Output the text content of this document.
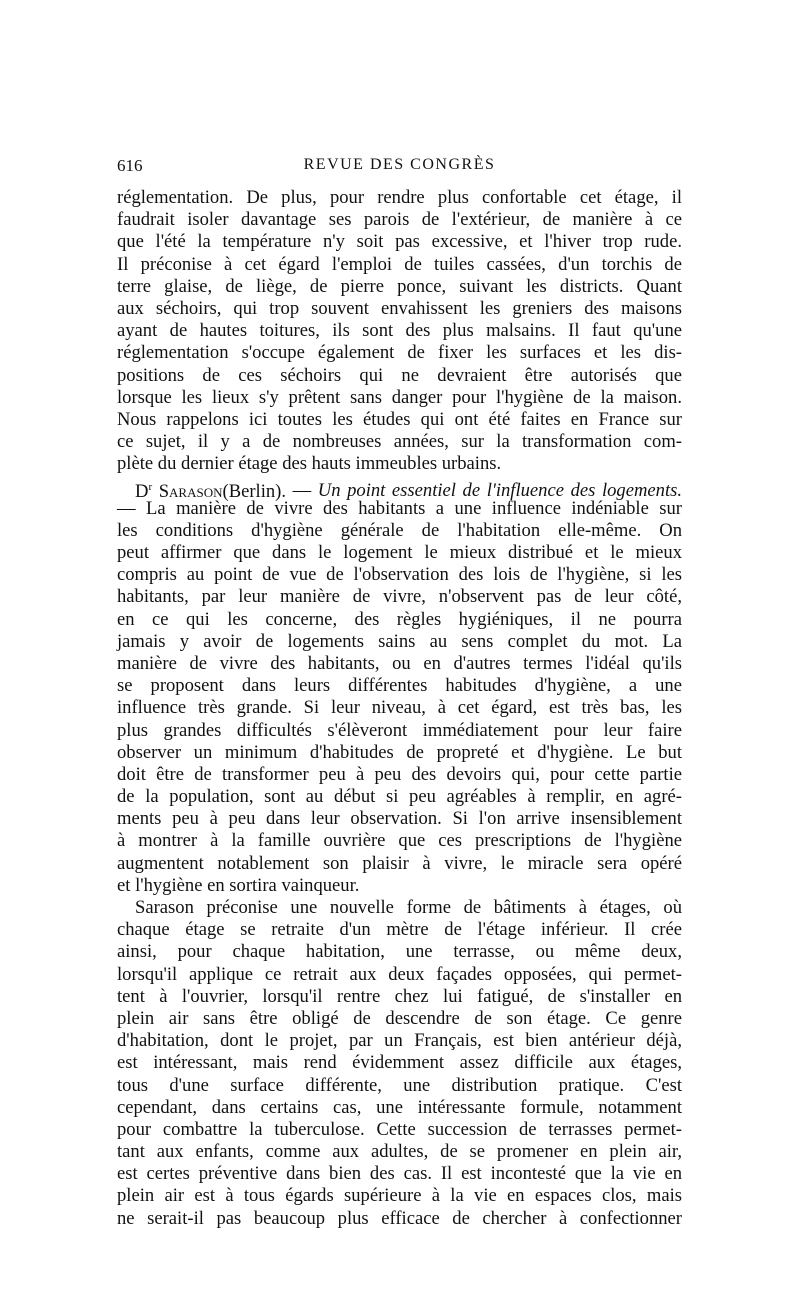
616	REVUE DES CONGRÈS
réglementation. De plus, pour rendre plus confortable cet étage, il
faudrait isoler davantage ses parois de l'extérieur, de manière à ce
que l'été la température n'y soit pas excessive, et l'hiver trop rude.
Il préconise à cet égard l'emploi de tuiles cassées, d'un torchis de
terre glaise, de liège, de pierre ponce, suivant les districts. Quant
aux séchoirs, qui trop souvent envahissent les greniers des maisons
ayant de hautes toitures, ils sont des plus malsains. Il faut qu'une
réglementation s'occupe également de fixer les surfaces et les dis-
positions de ces séchoirs qui ne devraient être autorisés que
lorsque les lieux s'y prêtent sans danger pour l'hygiène de la maison.
Nous rappelons ici toutes les études qui ont été faites en France sur
ce sujet, il y a de nombreuses années, sur la transformation com-
plète du dernier étage des hauts immeubles urbains.
$D^r$ Sarason(Berlin). — Un point essentiel de l'influence des logements.
— La manière de vivre des habitants a une influence indéniable sur
les conditions d'hygiène générale de l'habitation elle-même. On
peut affirmer que dans le logement le mieux distribué et le mieux
compris au point de vue de l'observation des lois de l'hygiène, si les
habitants, par leur manière de vivre, n'observent pas de leur côté,
en ce qui les concerne, des règles hygiéniques, il ne pourra
jamais y avoir de logements sains au sens complet du mot. La
manière de vivre des habitants, ou en d'autres termes l'idéal qu'ils
se proposent dans leurs différentes habitudes d'hygiène, a une
influence très grande. Si leur niveau, à cet égard, est très bas, les
plus grandes difficultés s'élèveront immédiatement pour leur faire
observer un minimum d'habitudes de propreté et d'hygiène. Le but
doit être de transformer peu à peu des devoirs qui, pour cette partie
de la population, sont au début si peu agréables à remplir, en agré-
ments peu à peu dans leur observation. Si l'on arrive insensiblement
à montrer à la famille ouvrière que ces prescriptions de l'hygiène
augmentent notablement son plaisir à vivre, le miracle sera opéré
et l'hygiène en sortira vainqueur.
Sarason préconise une nouvelle forme de bâtiments à étages, où
chaque étage se retraite d'un mètre de l'étage inférieur. Il crée
ainsi, pour chaque habitation, une terrasse, ou même deux,
lorsqu'il applique ce retrait aux deux façades opposées, qui permet-
tent à l'ouvrier, lorsqu'il rentre chez lui fatigué, de s'installer en
plein air sans être obligé de descendre de son étage. Ce genre
d'habitation, dont le projet, par un Français, est bien antérieur déjà,
est intéressant, mais rend évidemment assez difficile aux étages,
tous d'une surface différente, une distribution pratique. C'est
cependant, dans certains cas, une intéressante formule, notamment
pour combattre la tuberculose. Cette succession de terrasses permet-
tant aux enfants, comme aux adultes, de se promener en plein air,
est certes préventive dans bien des cas. Il est incontesté que la vie en
plein air est à tous égards supérieure à la vie en espaces clos, mais
ne serait-il pas beaucoup plus efficace de chercher à confectionner
